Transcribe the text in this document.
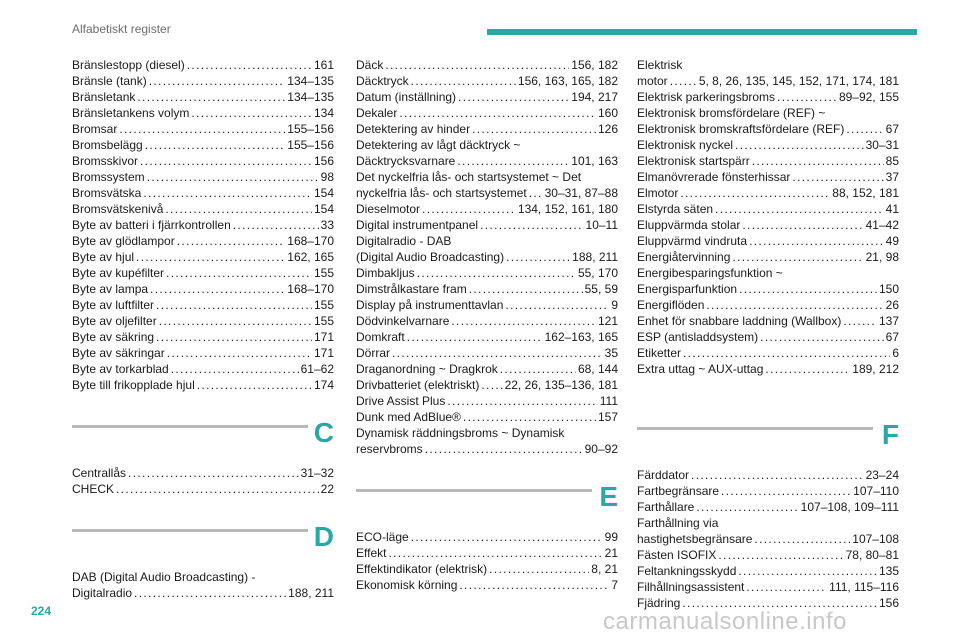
Alfabetiskt register
Bränslestopp (diesel) . . .	161
Bränsle (tank) . . .	134–135
Bränsletank . . .	134–135
Bränsletankens volym . . .	134
Bromsar . . .	155–156
Bromsbelägg . . .	155–156
Bromsskivor . . .	156
Bromssystem . . .	98
Bromsvätska . . .	154
Bromsvätskenivå . . .	154
Byte av batteri i fjärrkontrollen . . .	33
Byte av glödlampor . . .	168–170
Byte av hjul . . .	162, 165
Byte av kupéfilter . . .	155
Byte av lampa . . .	168–170
Byte av luftfilter . . .	155
Byte av oljefilter . . .	155
Byte av säkring . . .	171
Byte av säkringar . . .	171
Byte av torkarblad . . .	61–62
Byte till frikopplade hjul . . .	174
C
Centrallås . . .	31–32
CHECK . . .	22
D
DAB (Digital Audio Broadcasting) -
Digitalradio . . .	188, 211
Däck . . .	156, 182
Däcktryck . . .	156, 163, 165, 182
Datum (inställning) . . .	194, 217
Dekaler . . .	160
Detektering av hinder . . .	126
Detektering av lågt däcktryck ~
Däcktrycksvarnare . . .	101, 163
Det nyckelfria lås- och startsystemet ~ Det
nyckelfria lås- och startsystemet . . . 30–31, 87–88
Dieselmotor . . .	134, 152, 161, 180
Digital instrumentpanel . . .	10–11
Digitalradio - DAB
(Digital Audio Broadcasting) . . .	188, 211
Dimbakljus . . .	55, 170
Dimstrålkastare fram . . .	55, 59
Display på instrumenttavlan . . .	9
Dödvinkelvarnare . . .	121
Domkraft . . .	162–163, 165
Dörrar . . .	35
Draganordning ~ Dragkrok . . .	68, 144
Drivbatteriet (elektriskt) . . . 22, 26, 135–136, 181
Drive Assist Plus . . .	111
Dunk med AdBlue® . . .	157
Dynamisk räddningsbroms ~ Dynamisk
reservbroms . . .	90–92
E
ECO-läge . . .	99
Effekt . . .	21
Effektindikator (elektrisk) . . .	8, 21
Ekonomisk körning . . .	7
Elektrisk
motor . . .	5, 8, 26, 135, 145, 152, 171, 174, 181
Elektrisk parkeringsbroms . . .	89–92, 155
Elektronisk bromsfördelare (REF) ~
Elektronisk bromskraftsfördelare (REF) . . .	67
Elektronisk nyckel . . .	30–31
Elektronisk startspärr . . .	85
Elmanövrerade fönsterhissar . . .	37
Elmotor . . .	88, 152, 181
Elstyrda säten . . .	41
Eluppvärmda stolar . . .	41–42
Eluppvärmd vindruta . . .	49
Energiåtervinning . . .	21, 98
Energibesparingsfunktion ~
Energisparfunktion . . .	150
Energiflöden . . .	26
Enhet för snabbare laddning (Wallbox) . . .	137
ESP (antisladdsystem) . . .	67
Etiketter . . .	6
Extra uttag ~ AUX-uttag . . .	189, 212
F
Färddator . . .	23–24
Fartbegränsare . . .	107–110
Farthållare . . .	107–108, 109–111
Farthållning via
hastighetsbegränsare . . .	107–108
Fästen ISOFIX . . .	78, 80–81
Feltankningsskydd . . .	135
Filhållningsassistent . . .	111, 115–116
Fjädring . . .	156
224	carmanualsonline.info
